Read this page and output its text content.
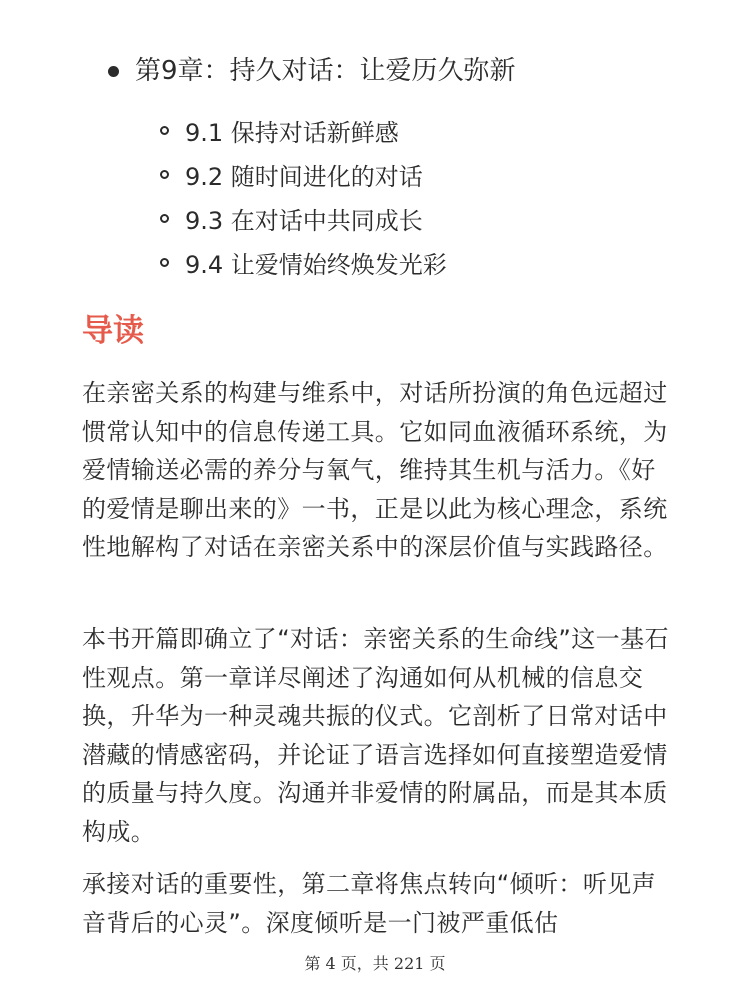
第9章：持久对话：让爱历久弥新
9.1 保持对话新鲜感
9.2 随时间进化的对话
9.3 在对话中共同成长
9.4 让爱情始终焕发光彩
导读

在亲密关系的构建与维系中，对话所扮演的角色远超过惯常认知中的信息传递工具。它如同血液循环系统，为爱情输送必需的养分与氧气，维持其生机与活力。《好的爱情是聊出来的》一书，正是以此为核心理念，系统性地解构了对话在亲密关系中的深层价值与实践路径。

本书开篇即确立了“对话：亲密关系的生命线”这一基石性观点。第一章详尽阐述了沟通如何从机械的信息交换，升华为一种灵魂共振的仪式。它剖析了日常对话中潜藏的情感密码，并论证了语言选择如何直接塑造爱情的质量与持久度。沟通并非爱情的附属品，而是其本质构成。

承接对话的重要性，第二章将焦点转向“倾听：听见声音背后的心灵”。深度倾听是一门被严重低估

第 4 页，共 221 页
